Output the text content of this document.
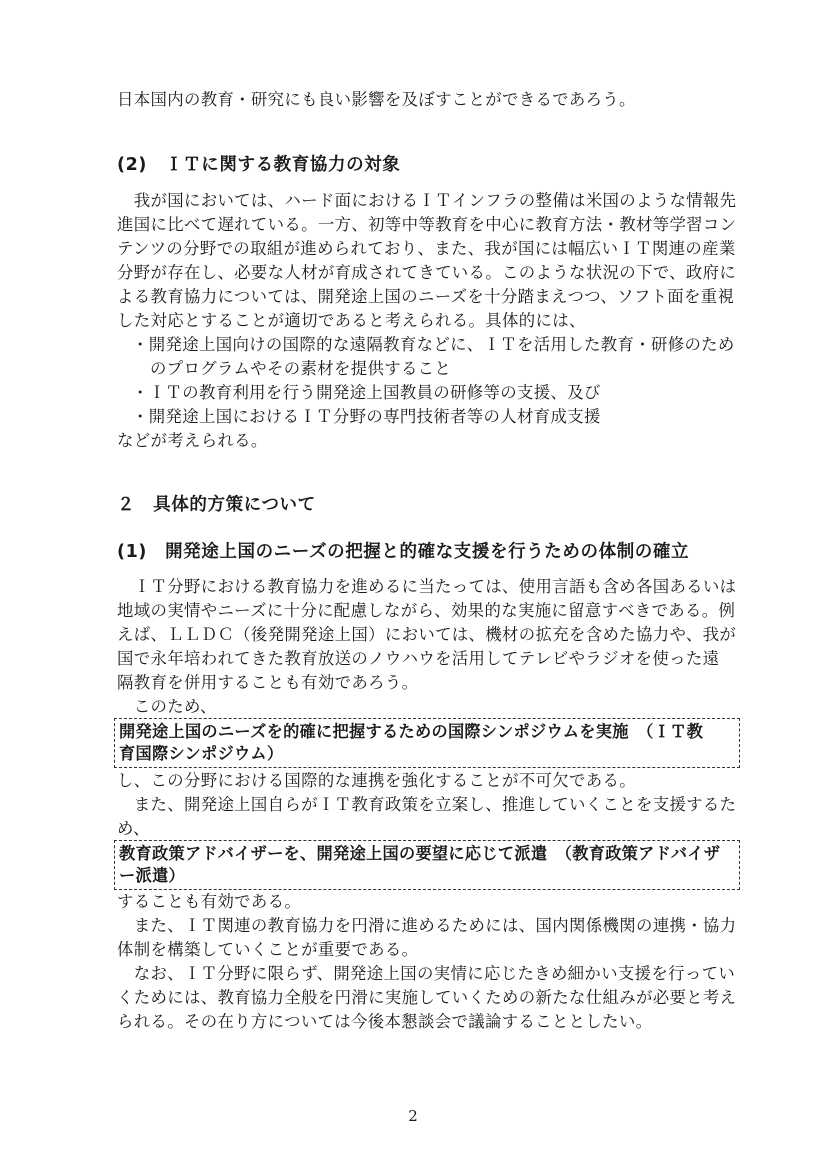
日本国内の教育・研究にも良い影響を及ぼすことができるであろう。
(2)　ＩＴに関する教育協力の対象
　我が国においては、ハード面におけるＩＴインフラの整備は米国のような情報先
進国に比べて遅れている。一方、初等中等教育を中心に教育方法・教材等学習コン
テンツの分野での取組が進められており、また、我が国には幅広いＩＴ関連の産業
分野が存在し、必要な人材が育成されてきている。このような状況の下で、政府に
よる教育協力については、開発途上国のニーズを十分踏まえつつ、ソフト面を重視
した対応とすることが適切であると考えられる。具体的には、
・開発途上国向けの国際的な遠隔教育などに、ＩＴを活用した教育・研修のため
のプログラムやその素材を提供すること
・ＩＴの教育利用を行う開発途上国教員の研修等の支援、及び
・開発途上国におけるＩＴ分野の専門技術者等の人材育成支援
などが考えられる。
２　具体的方策について
(1)　開発途上国のニーズの把握と的確な支援を行うための体制の確立
　ＩＴ分野における教育協力を進めるに当たっては、使用言語も含め各国あるいは
地域の実情やニーズに十分に配慮しながら、効果的な実施に留意すべきである。例
えば、ＬＬＤＣ（後発開発途上国）においては、機材の拡充を含めた協力や、我が
国で永年培われてきた教育放送のノウハウを活用してテレビやラジオを使った遠
隔教育を併用することも有効であろう。
　このため、
開発途上国のニーズを的確に把握するための国際シンポジウムを実施　（ＩＴ教
育国際シンポジウム）
し、この分野における国際的な連携を強化することが不可欠である。
　また、開発途上国自らがＩＴ教育政策を立案し、推進していくことを支援するた
め、
教育政策アドバイザーを、開発途上国の要望に応じて派遣　（教育政策アドバイザ
ー派遣）
することも有効である。
　また、ＩＴ関連の教育協力を円滑に進めるためには、国内関係機関の連携・協力
体制を構築していくことが重要である。
　なお、ＩＴ分野に限らず、開発途上国の実情に応じたきめ細かい支援を行ってい
くためには、教育協力全般を円滑に実施していくための新たな仕組みが必要と考え
られる。その在り方については今後本懇談会で議論することとしたい。
2
